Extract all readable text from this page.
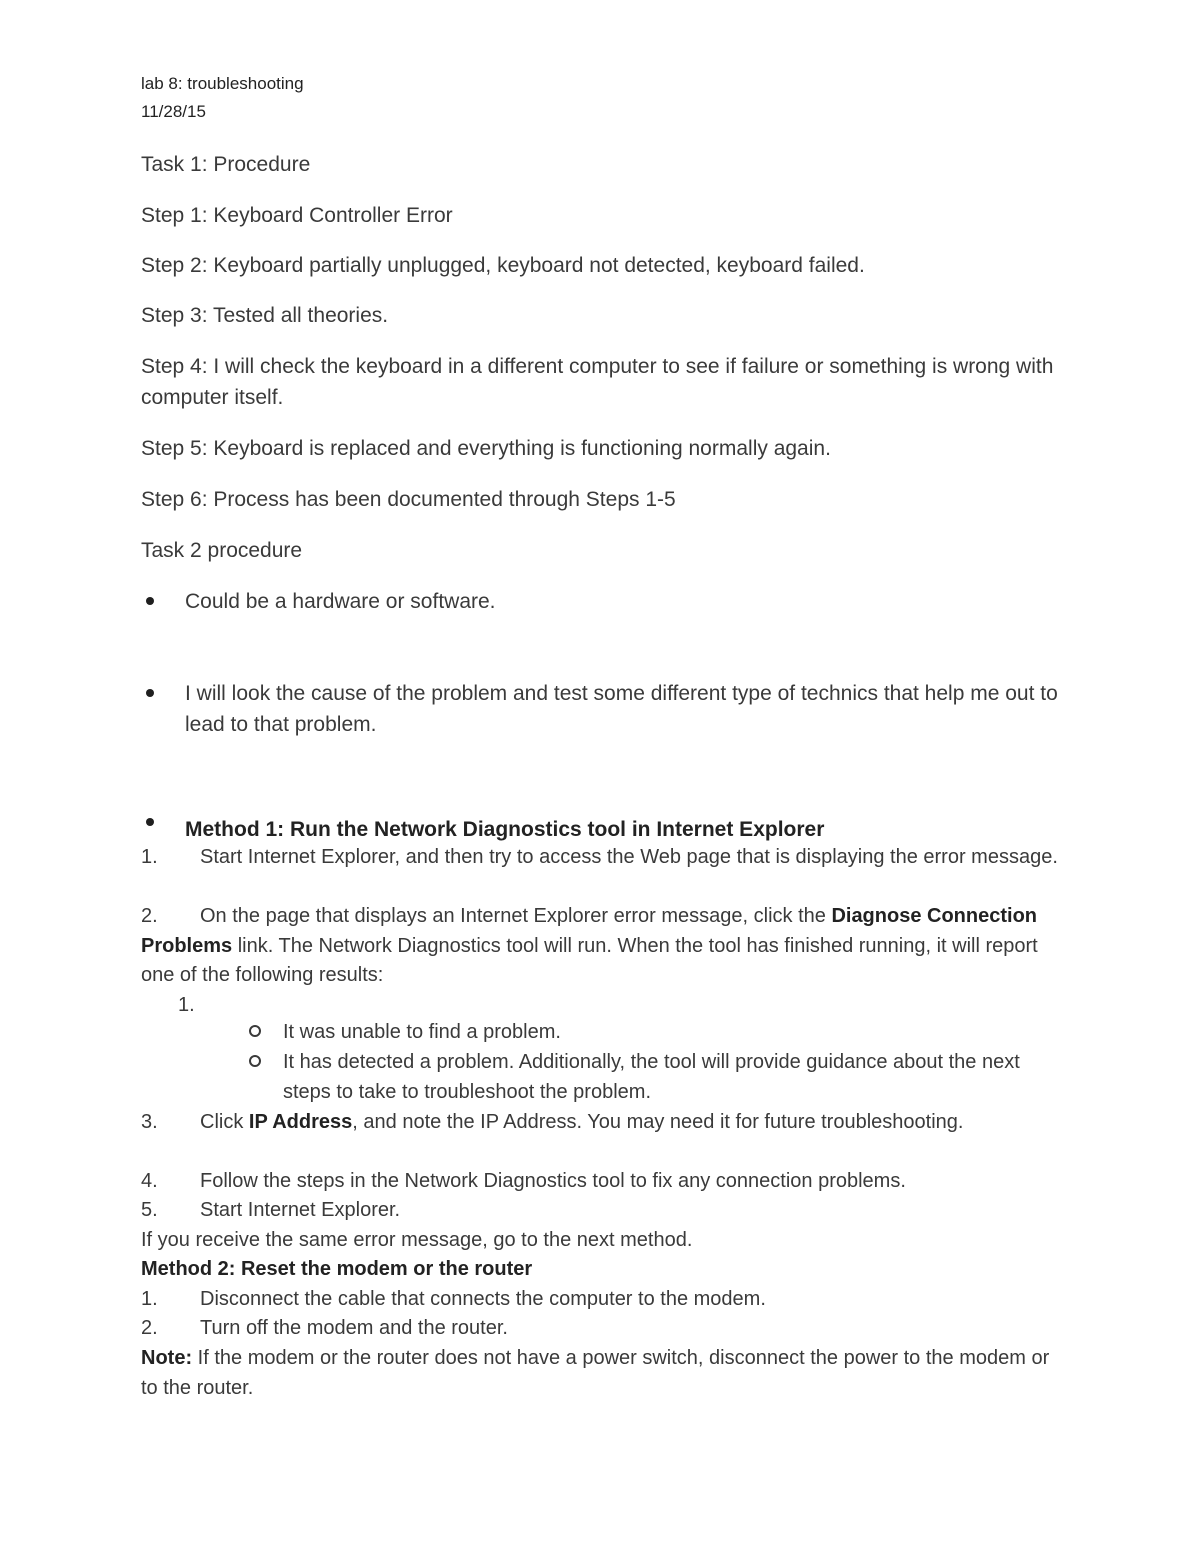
lab 8: troubleshooting
11/28/15
Task 1: Procedure
Step 1: Keyboard Controller Error
Step 2: Keyboard partially unplugged, keyboard not detected, keyboard failed.
Step 3: Tested all theories.
Step 4: I will check the keyboard in a different computer to see if failure or something is wrong with computer itself.
Step 5: Keyboard is replaced and everything is functioning normally again.
Step 6: Process has been documented through Steps 1-5
Task 2 procedure
Could be a hardware or software.
I will look the cause of the problem and test some different type of technics that help me out to lead to that problem.
Method 1: Run the Network Diagnostics tool in Internet Explorer
1. Start Internet Explorer, and then try to access the Web page that is displaying the error message.
2. On the page that displays an Internet Explorer error message, click the Diagnose Connection Problems link. The Network Diagnostics tool will run. When the tool has finished running, it will report one of the following results:
1.
It was unable to find a problem.
It has detected a problem. Additionally, the tool will provide guidance about the next steps to take to troubleshoot the problem.
3. Click IP Address, and note the IP Address. You may need it for future troubleshooting.
4. Follow the steps in the Network Diagnostics tool to fix any connection problems.
5. Start Internet Explorer.
If you receive the same error message, go to the next method.
Method 2: Reset the modem or the router
1. Disconnect the cable that connects the computer to the modem.
2. Turn off the modem and the router.
Note: If the modem or the router does not have a power switch, disconnect the power to the modem or to the router.
